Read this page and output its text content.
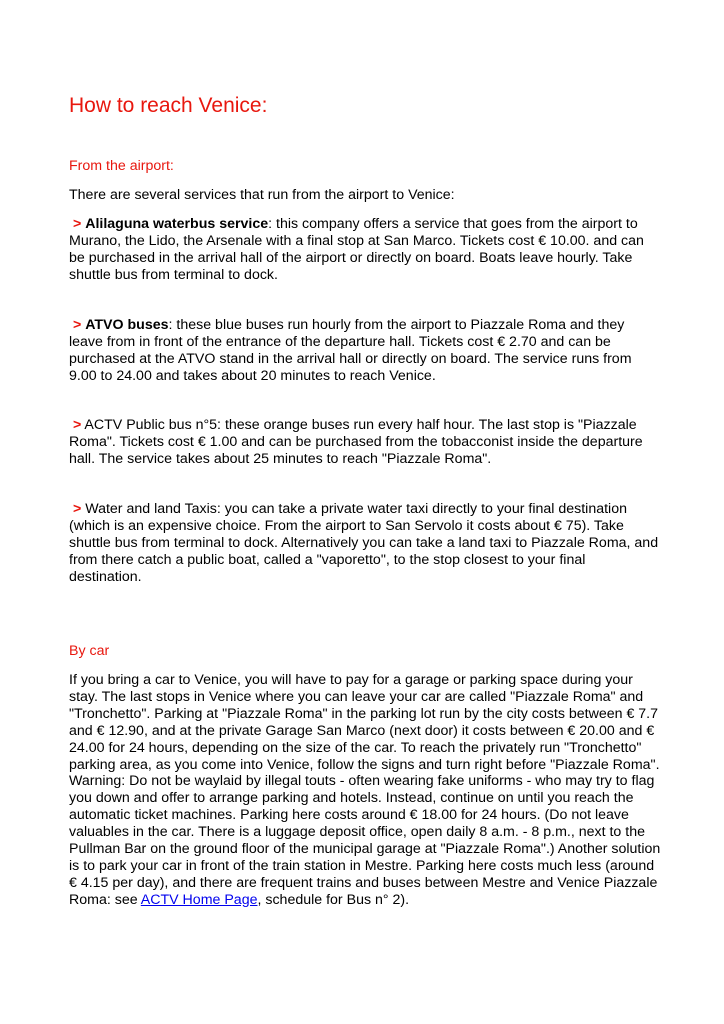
How to reach Venice:
From the airport:

There are several services that run from the airport to Venice:

> Alilaguna waterbus service: this company offers a service that goes from the airport to Murano, the Lido, the Arsenale with a final stop at San Marco. Tickets cost € 10.00. and can be purchased in the arrival hall of the airport or directly on board. Boats leave hourly. Take shuttle bus from terminal to dock.

> ATVO buses: these blue buses run hourly from the airport to Piazzale Roma and they leave from in front of the entrance of the departure hall. Tickets cost € 2.70 and can be purchased at the ATVO stand in the arrival hall or directly on board. The service runs from 9.00 to 24.00 and takes about 20 minutes to reach Venice.

> ACTV Public bus n°5: these orange buses run every half hour. The last stop is "Piazzale Roma". Tickets cost € 1.00 and can be purchased from the tobacconist inside the departure hall. The service takes about 25 minutes to reach "Piazzale Roma".

> Water and land Taxis: you can take a private water taxi directly to your final destination (which is an expensive choice. From the airport to San Servolo it costs about € 75). Take shuttle bus from terminal to dock. Alternatively you can take a land taxi to Piazzale Roma, and from there catch a public boat, called a "vaporetto", to the stop closest to your final destination.

By car

If you bring a car to Venice, you will have to pay for a garage or parking space during your stay. The last stops in Venice where you can leave your car are called "Piazzale Roma" and "Tronchetto". Parking at "Piazzale Roma" in the parking lot run by the city costs between € 7.7 and € 12.90, and at the private Garage San Marco (next door) it costs between € 20.00 and € 24.00 for 24 hours, depending on the size of the car. To reach the privately run "Tronchetto" parking area, as you come into Venice, follow the signs and turn right before "Piazzale Roma". Warning: Do not be waylaid by illegal touts - often wearing fake uniforms - who may try to flag you down and offer to arrange parking and hotels. Instead, continue on until you reach the automatic ticket machines. Parking here costs around € 18.00 for 24 hours. (Do not leave valuables in the car. There is a luggage deposit office, open daily 8 a.m. - 8 p.m., next to the Pullman Bar on the ground floor of the municipal garage at "Piazzale Roma".) Another solution is to park your car in front of the train station in Mestre. Parking here costs much less (around € 4.15 per day), and there are frequent trains and buses between Mestre and Venice Piazzale Roma: see ACTV Home Page, schedule for Bus n° 2).
